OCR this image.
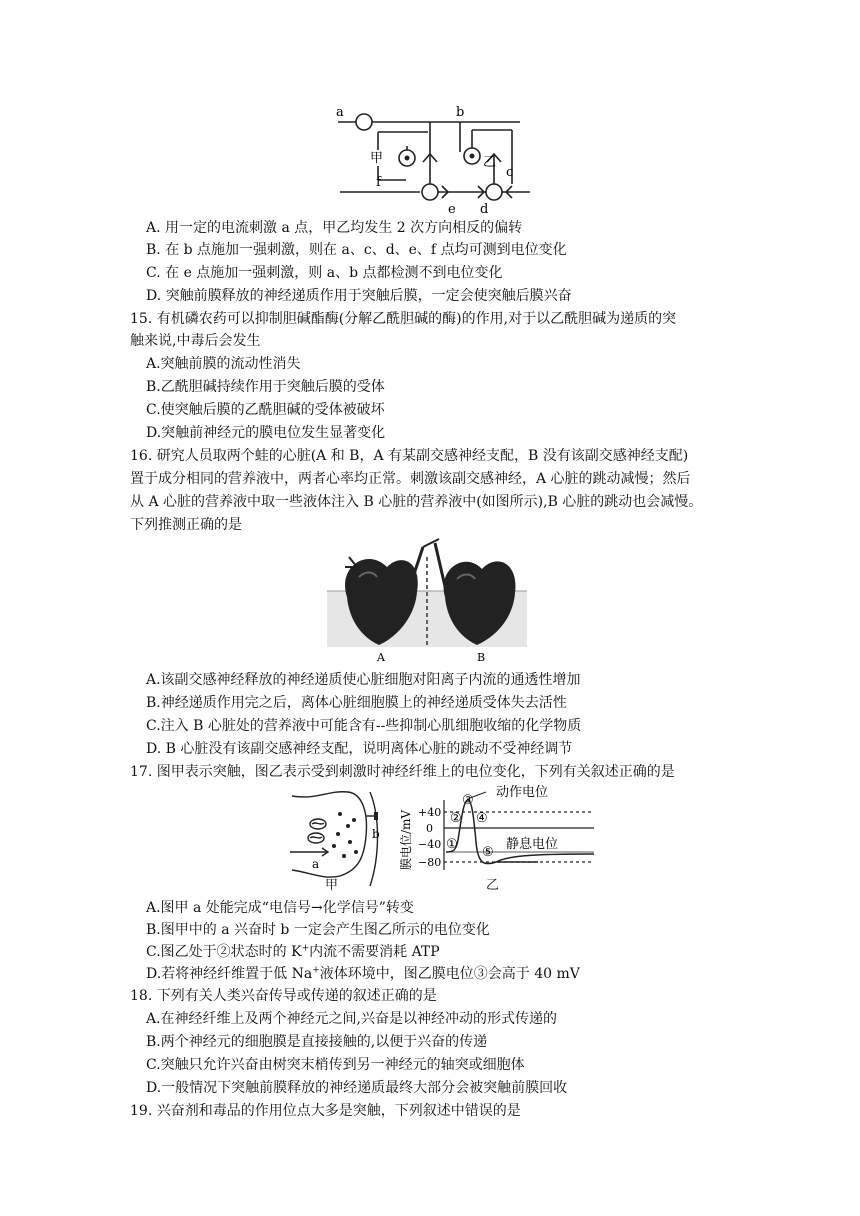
a	b
c
d
e
f
甲	乙
A. 用一定的电流刺激 a 点，甲乙均发生 2 次方向相反的偏转
B. 在 b 点施加一强刺激，则在 a、c、d、e、f 点均可测到电位变化
C. 在 e 点施加一强刺激，则 a、b 点都检测不到电位变化
D. 突触前膜释放的神经递质作用于突触后膜，一定会使突触后膜兴奋
15. 有机磷农药可以抑制胆碱酯酶(分解乙酰胆碱的酶)的作用,对于以乙酰胆碱为递质的突
触来说,中毒后会发生
A.突触前膜的流动性消失
B.乙酰胆碱持续作用于突触后膜的受体
C.使突触后膜的乙酰胆碱的受体被破坏
D.突触前神经元的膜电位发生显著变化
16. 研究人员取两个蛙的心脏(A 和 B，A 有某副交感神经支配，B 没有该副交感神经支配)
置于成分相同的营养液中，两者心率均正常。刺激该副交感神经，A 心脏的跳动减慢；然后
从 A 心脏的营养液中取一些液体注入 B 心脏的营养液中(如图所示),B 心脏的跳动也会减慢。
下列推测正确的是
A	B
A.该副交感神经释放的神经递质使心脏细胞对阳离子内流的通透性增加
B.神经递质作用完之后，离体心脏细胞膜上的神经递质受体失去活性
C.注入 B 心脏处的营养液中可能含有--些抑制心肌细胞收缩的化学物质
D. B 心脏没有该副交感神经支配，说明离体心脏的跳动不受神经调节
17. 图甲表示突触，图乙表示受到刺激时神经纤维上的电位变化，下列有关叙述正确的是
a
b
甲
膜电位/mV +40
0
−40
−80
③
② ④
①
⑤
动作电位
静息电位
乙
A.图甲 a 处能完成“电信号→化学信号”转变
B.图甲中的 a 兴奋时 b 一定会产生图乙所示的电位变化
C.图乙处于②状态时的 K+内流不需要消耗 ATP
D.若将神经纤维置于低 Na+液体环境中，图乙膜电位③会高于 40 mV
18. 下列有关人类兴奋传导或传递的叙述正确的是
A.在神经纤维上及两个神经元之间,兴奋是以神经冲动的形式传递的
B.两个神经元的细胞膜是直接接触的,以便于兴奋的传递
C.突触只允许兴奋由树突末梢传到另一神经元的轴突或细胞体
D.一般情况下突触前膜释放的神经递质最终大部分会被突触前膜回收
19. 兴奋剂和毒品的作用位点大多是突触，下列叙述中错误的是
